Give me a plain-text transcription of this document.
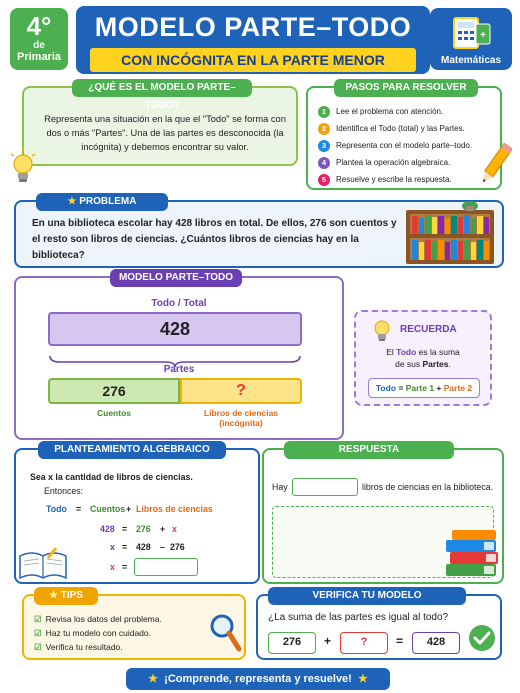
4°
de
Primaria
MODELO PARTE–TODO
CON INCÓGNITA EN LA PARTE MENOR
+
Matemáticas
¿QUÉ ES EL MODELO PARTE–TODO?

Representa una situación en la que el "Todo" se forma con dos o más "Partes". Una de las partes es desconocida (la incógnita) y debemos encontrar su valor.

PASOS PARA RESOLVER
1 Lee el problema con atención.
2 Identifica el Todo (total) y las Partes.
3 Representa con el modelo parte–todo.
4 Plantea la operación algebraica.
5 Resuelve y escribe la respuesta.
★ PROBLEMA

En una biblioteca escolar hay 428 libros en total. De ellos, 276 son cuentos y el resto son libros de ciencias. ¿Cuántos libros de ciencias hay en la biblioteca?

MODELO PARTE–TODO
Todo / Total
428
Partes
276	?
Cuentos	Libros de ciencias
(incógnita)
RECUERDA
El Todo es la suma
de sus Partes.
Todo = Parte 1 + Parte 2
PLANTEAMIENTO ALGEBRAICO
Sea x la cantidad de libros de ciencias.
Entonces:
Todo = Cuentos + Libros de ciencias
428 = 276 + x
x = 428 – 276
x =
RESPUESTA
Hay	libros de ciencias en la biblioteca.
★ TIPS
☑ Revisa los datos del problema.
☑ Haz tu modelo con cuidado.
☑ Verifica tu resultado.
VERIFICA TU MODELO
¿La suma de las partes es igual al todo?
276	+	?	=	428
★ ¡Comprende, representa y resuelve! ★
